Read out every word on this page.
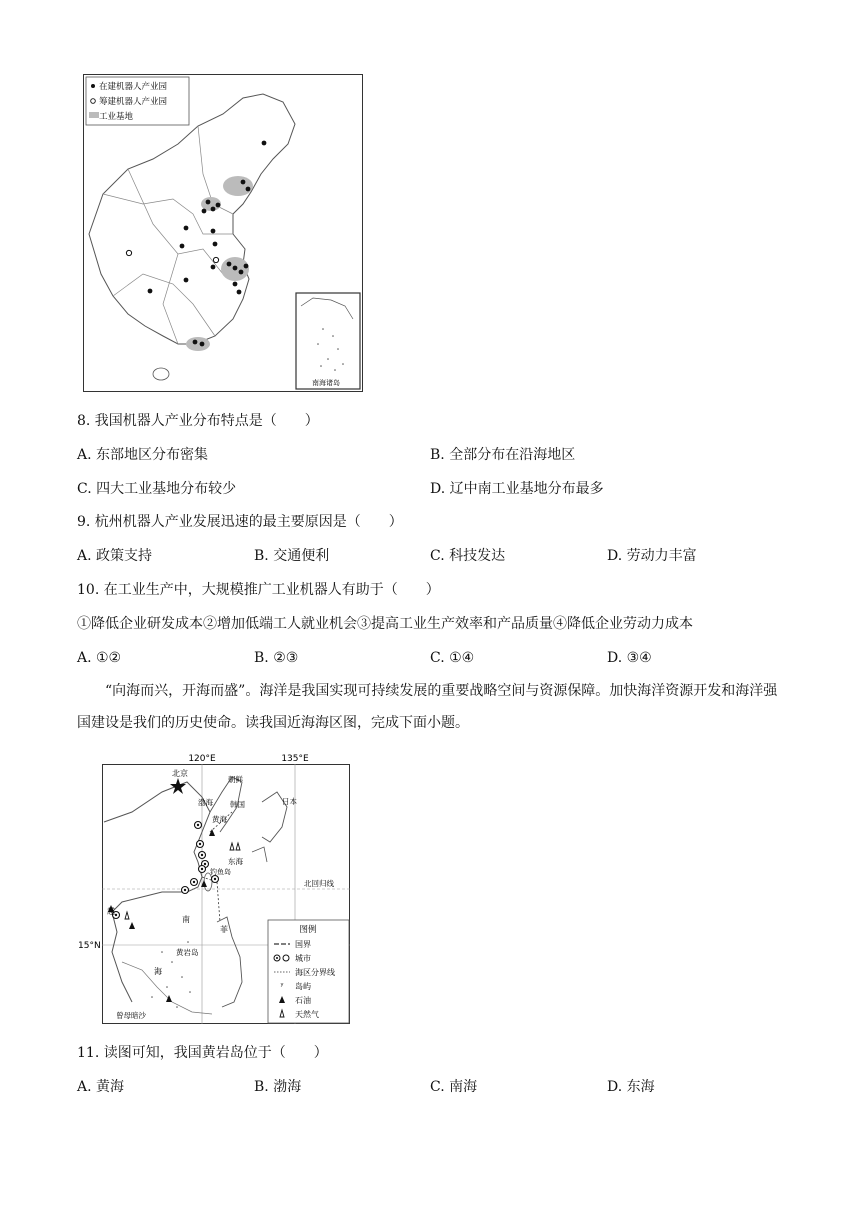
在建机器人产业园
筹建机器人产业园
工业基地
南海诸岛
8. 我国机器人产业分布特点是（　　）
A. 东部地区分布密集	B. 全部分布在沿海地区
C. 四大工业基地分布较少	D. 辽中南工业基地分布最多
9. 杭州机器人产业发展迅速的最主要原因是（　　）
A. 政策支持	B. 交通便利	C. 科技发达	D. 劳动力丰富
10. 在工业生产中，大规模推广工业机器人有助于（　　）
①降低企业研发成本②增加低端工人就业机会③提高工业生产效率和产品质量④降低企业劳动力成本
A. ①②	B. ②③	C. ①④	D. ③④
“向海而兴，开海而盛”。海洋是我国实现可持续发展的重要战略空间与资源保障。加快海洋资源开发和海洋强国建设是我们的历史使命。读我国近海海区图，完成下面小题。
120°E	135°E
15°N
北京
渤海
朝鲜
韩国	日本
黄海
东海
钓鱼岛
越
南
海
菲
黄岩岛
曾母暗沙
北回归线
图例
国界
城市
海区分界线
ʸ 岛屿
石油
天然气
11. 读图可知，我国黄岩岛位于（　　）
A. 黄海	B. 渤海	C. 南海	D. 东海
